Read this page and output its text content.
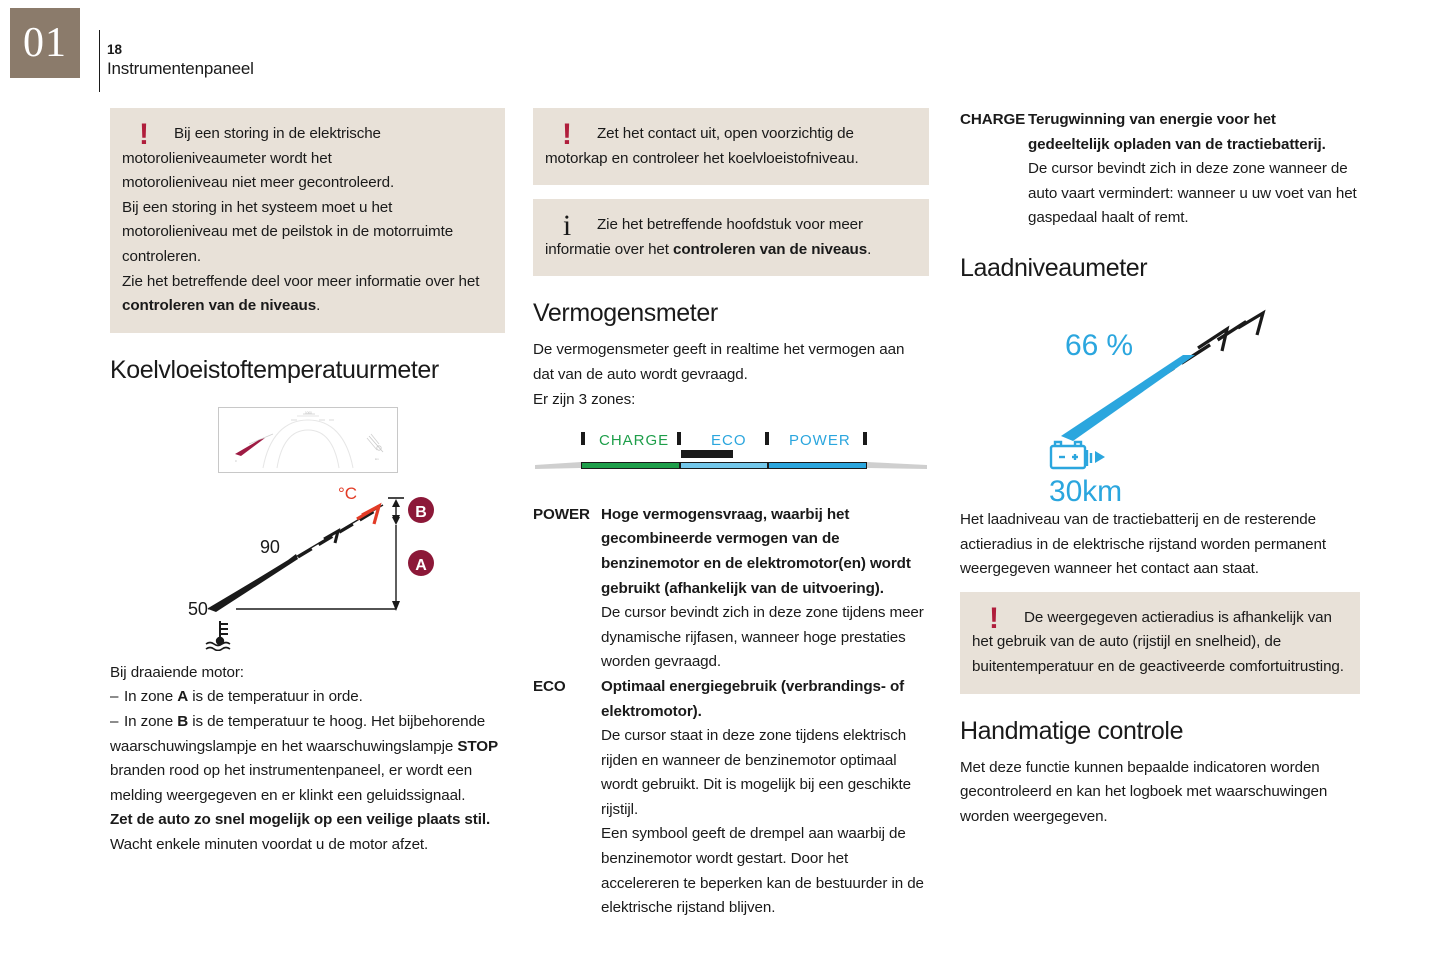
01	18
Instrumentenpaneel
!	Bij een storing in de elektrische motorolieniveaumeter wordt het

motorolieniveau niet meer gecontroleerd.

Bij een storing in het systeem moet u het motorolieniveau met de peilstok in de motorruimte controleren.

Zie het betreffende deel voor meer informatie over het controleren van de niveaus.

Koelvloeistoftemperatuurmeter
1000
0	km
50
90
°C
B
A

Bij draaiende motor:

– In zone A is de temperatuur in orde.

– In zone B is de temperatuur te hoog. Het bijbehorende waarschuwingslampje en het waarschuwingslampje STOP branden rood op het instrumentenpaneel, er wordt een melding weergegeven en er klinkt een geluidssignaal.

Zet de auto zo snel mogelijk op een veilige plaats stil.

Wacht enkele minuten voordat u de motor afzet.

!	Zet het contact uit, open voorzichtig de motorkap en controleer het koelvloeistofniveau.

i	Zie het betreffende hoofdstuk voor meer informatie over het controleren van de niveaus.

Vermogensmeter

De vermogensmeter geeft in realtime het vermogen aan dat van de auto wordt gevraagd.

Er zijn 3 zones:

CHARGE	ECO	POWER
POWER Hoge vermogensvraag, waarbij het gecombineerde vermogen van de benzinemotor en de elektromotor(en) wordt gebruikt (afhankelijk van de uitvoering).

De cursor bevindt zich in deze zone tijdens meer dynamische rijfasen, wanneer hoge prestaties worden gevraagd.

ECO	Optimaal energiegebruik (verbrandings- of elektromotor).

De cursor staat in deze zone tijdens elektrisch rijden en wanneer de benzinemotor optimaal wordt gebruikt. Dit is mogelijk bij een geschikte rijstijl.

Een symbool geeft de drempel aan waarbij de benzinemotor wordt gestart. Door het accelereren te beperken kan de bestuurder in de elektrische rijstand blijven.

CHARGE Terugwinning van energie voor het gedeeltelijk opladen van de tractiebatterij.

De cursor bevindt zich in deze zone wanneer de auto vaart vermindert: wanneer u uw voet van het gaspedaal haalt of remt.

Laadniveaumeter
66 %
30km

Het laadniveau van de tractiebatterij en de resterende actieradius in de elektrische rijstand worden permanent weergegeven wanneer het contact aan staat.

!	De weergegeven actieradius is afhankelijk van het gebruik van de auto (rijstijl en snelheid), de buitentemperatuur en de geactiveerde comfortuitrusting.

Handmatige controle

Met deze functie kunnen bepaalde indicatoren worden gecontroleerd en kan het logboek met waarschuwingen worden weergegeven.
